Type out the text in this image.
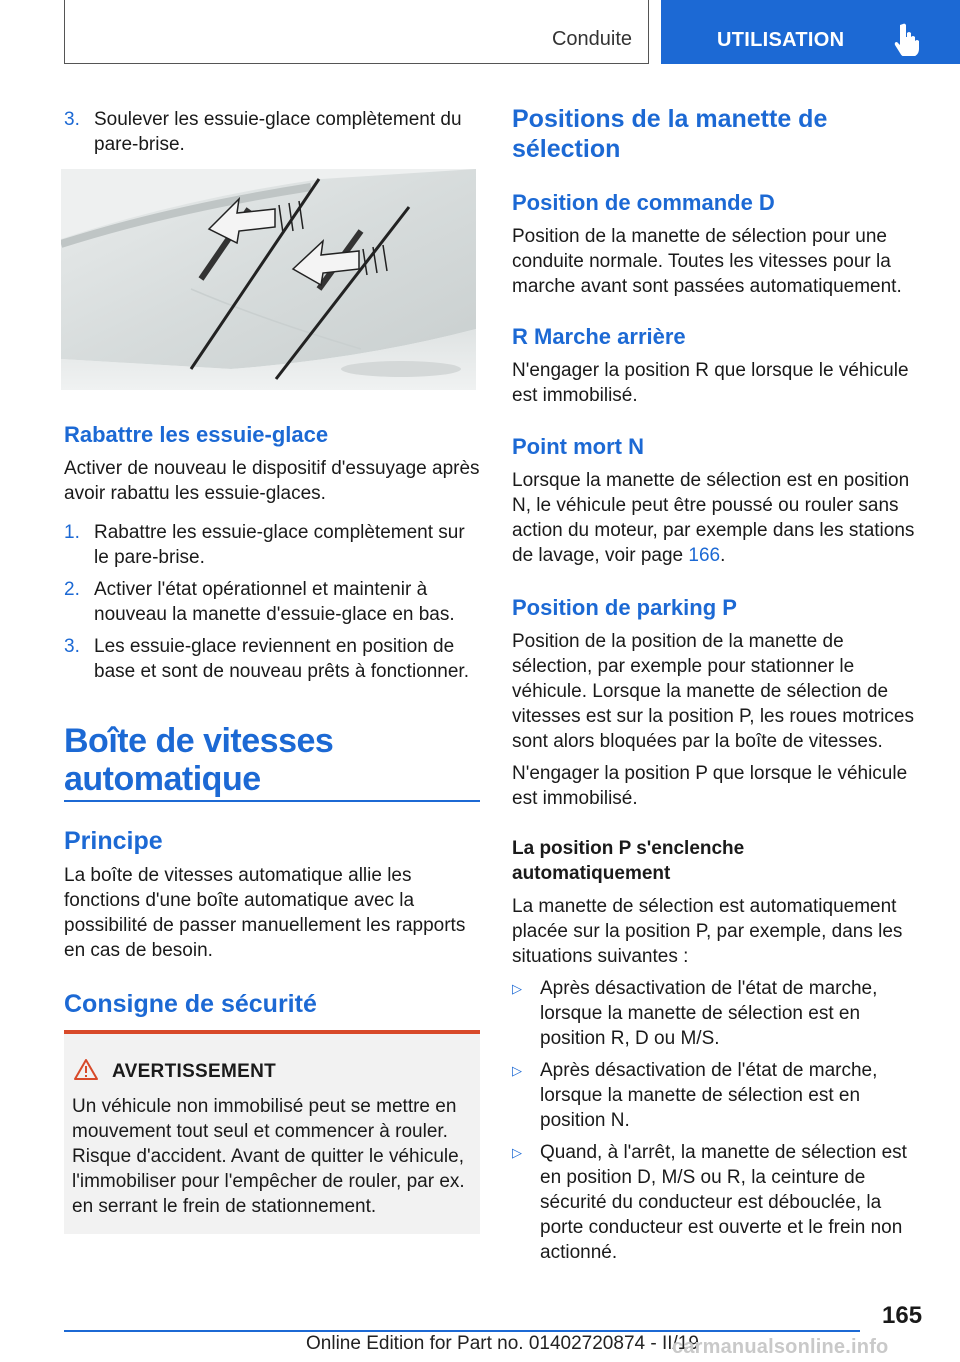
Conduite	UTILISATION
3. Soulever les essuie-glace complètement du pare-brise.
Rabattre les essuie-glace

Activer de nouveau le dispositif d'essuyage après avoir rabattu les essuie-glaces.

1. Rabattre les essuie-glace complètement sur le pare-brise.
2. Activer l'état opérationnel et maintenir à nouveau la manette d'essuie-glace en bas.
3. Les essuie-glace reviennent en position de base et sont de nouveau prêts à fonctionner.
Boîte de vitesses
automatique
Principe

La boîte de vitesses automatique allie les fonctions d'une boîte automatique avec la possibilité de passer manuellement les rapports en cas de besoin.

Consigne de sécurité
AVERTISSEMENT

Un véhicule non immobilisé peut se mettre en mouvement tout seul et commencer à rouler. Risque d'accident. Avant de quitter le véhicule, l'immobiliser pour l'empêcher de rouler, par ex. en serrant le frein de stationnement.

Positions de la manette de
sélection
Position de commande D

Position de la manette de sélection pour une conduite normale. Toutes les vitesses pour la marche avant sont passées automatiquement.

R Marche arrière

N'engager la position R que lorsque le véhicule est immobilisé.

Point mort N

Lorsque la manette de sélection est en position N, le véhicule peut être poussé ou rouler sans action du moteur, par exemple dans les stations de lavage, voir page 166.

Position de parking P

Position de la position de la manette de sélection, par exemple pour stationner le véhicule. Lorsque la manette de sélection de vitesses est sur la position P, les roues motrices sont alors bloquées par la boîte de vitesses.

N'engager la position P que lorsque le véhicule est immobilisé.

La position P s'enclenche
automatiquement

La manette de sélection est automatiquement placée sur la position P, par exemple, dans les situations suivantes :

▷ Après désactivation de l'état de marche, lorsque la manette de sélection est en position R, D ou M/S.
▷ Après désactivation de l'état de marche, lorsque la manette de sélection est en position N.
▷ Quand, à l'arrêt, la manette de sélection est en position D, M/S ou R, la ceinture de sécurité du conducteur est débouclée, la porte conducteur est ouverte et le frein non actionné.
165
Online Edition for Part no. 01402720874 - II/19
carmanualsonline.info
